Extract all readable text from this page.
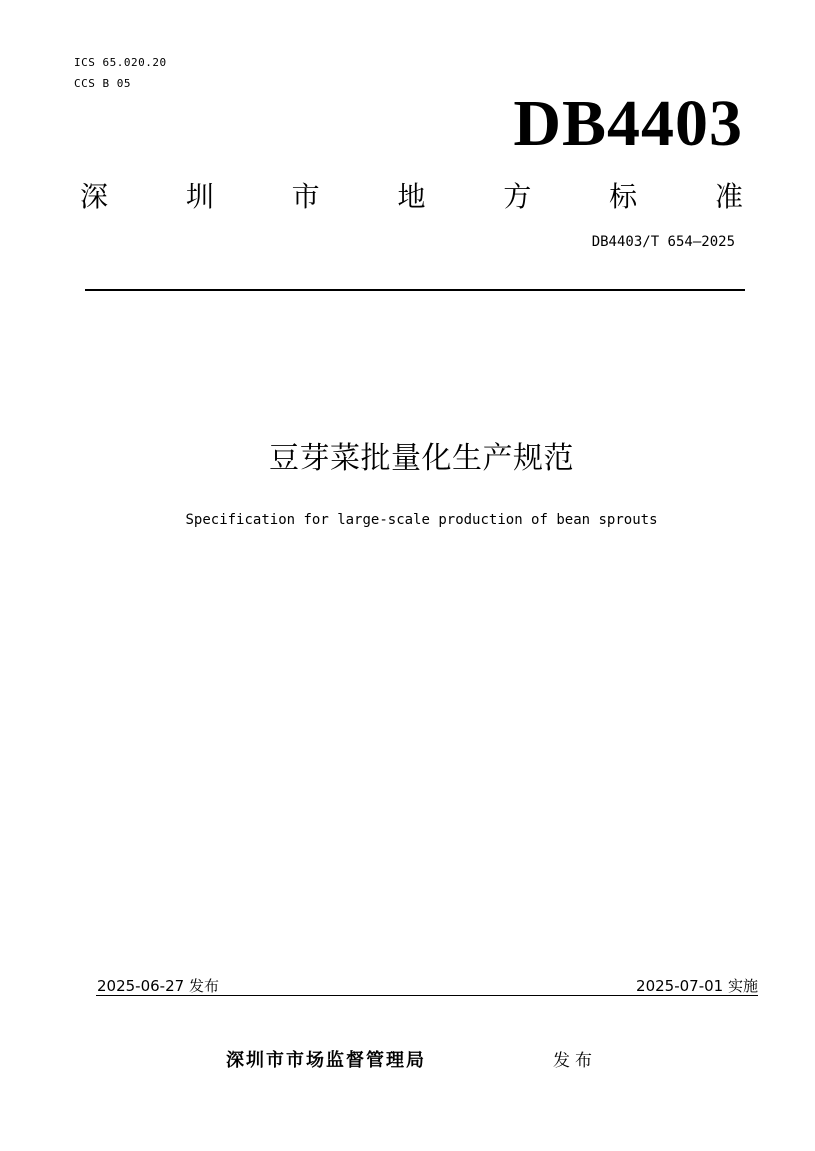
ICS 65.020.20
CCS B 05
DB4403
深	圳	市	地	方	标	准
DB4403/T 654—2025
豆芽菜批量化生产规范
Specification for large-scale production of bean sprouts
2025-06-27 发布	2025-07-01 实施
深圳市市场监督管理局	发布
